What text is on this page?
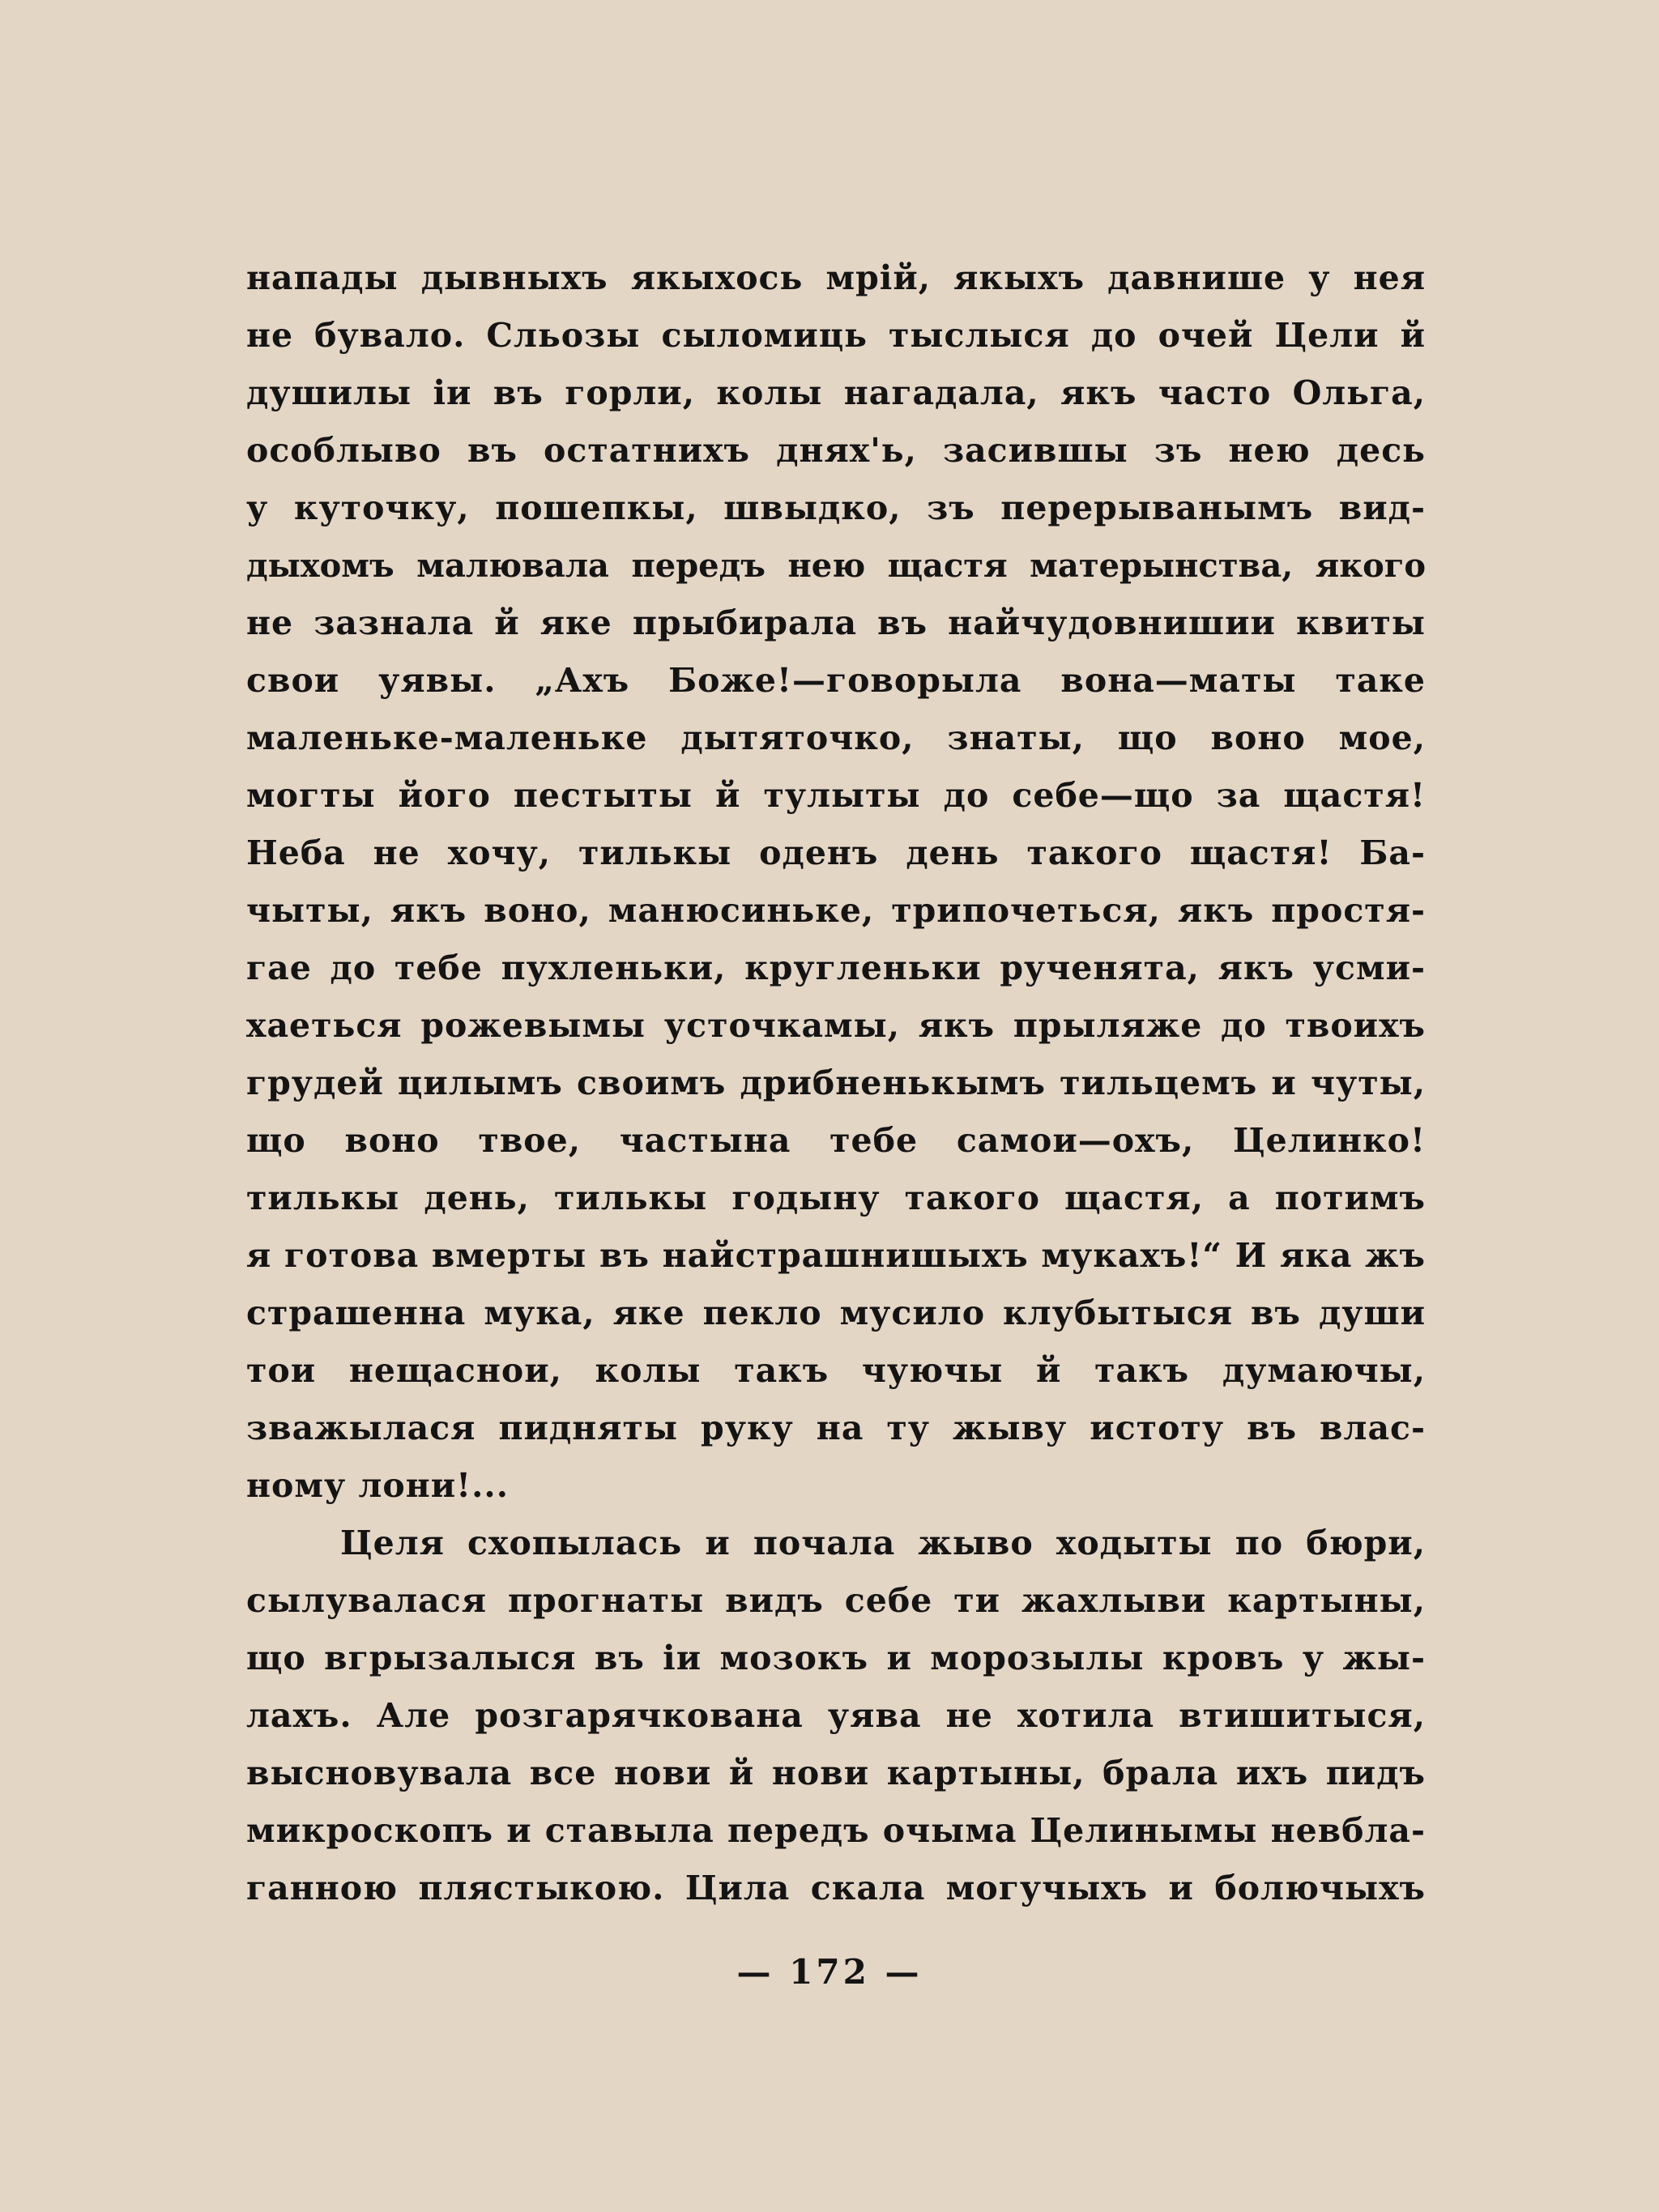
напады дывныхъ якыхось мрій, якыхъ давнише у нея
не бувало. Сльозы сыломиць тыслыся до очей Цели й
душилы іи въ горли, колы нагадала, якъ часто Ольга,
особлыво въ остатнихъ днях'ь, засившы зъ нею десь
у куточку, пошепкы, швыдко, зъ перерыванымъ вид-
дыхомъ малювала передъ нею щастя матерынства, якого
не зазнала й яке прыбирала въ найчудовнишии квиты
свои уявы. „Ахъ Боже!—говорыла вона—маты таке
маленьке-маленьке дытяточко, знаты, що воно мое,
могты його пестыты й тулыты до себе—що за щастя!
Неба не хочу, тилькы оденъ день такого щастя! Ба-
чыты, якъ воно, манюсиньке, трипочеться, якъ простя-
гае до тебе пухленьки, кругленьки рученята, якъ усми-
хаеться рожевымы усточкамы, якъ прыляже до твоихъ
грудей цилымъ своимъ дрибненькымъ тильцемъ и чуты,
що воно твое, частына тебе самои—охъ, Целинко!
тилькы день, тилькы годыну такого щастя, а потимъ
я готова вмерты въ найстрашнишыхъ мукахъ!“ И яка жъ
страшенна мука, яке пекло мусило клубытыся въ души
тои нещаснои, колы такъ чуючы й такъ думаючы,
зважылася пидняты руку на ту жыву истоту въ влас-
ному лони!...
Целя схопылась и почала жыво ходыты по бюри,
сылувалася прогнаты видъ себе ти жахлыви картыны,
що вгрызалыся въ іи мозокъ и морозылы кровъ у жы-
лахъ. Але розгарячкована уява не хотила втишитыся,
высновувала все нови й нови картыны, брала ихъ пидъ
микроскопъ и ставыла передъ очыма Целинымы невбла-
ганною плястыкою. Цила скала могучыхъ и болючыхъ
— 172 —
